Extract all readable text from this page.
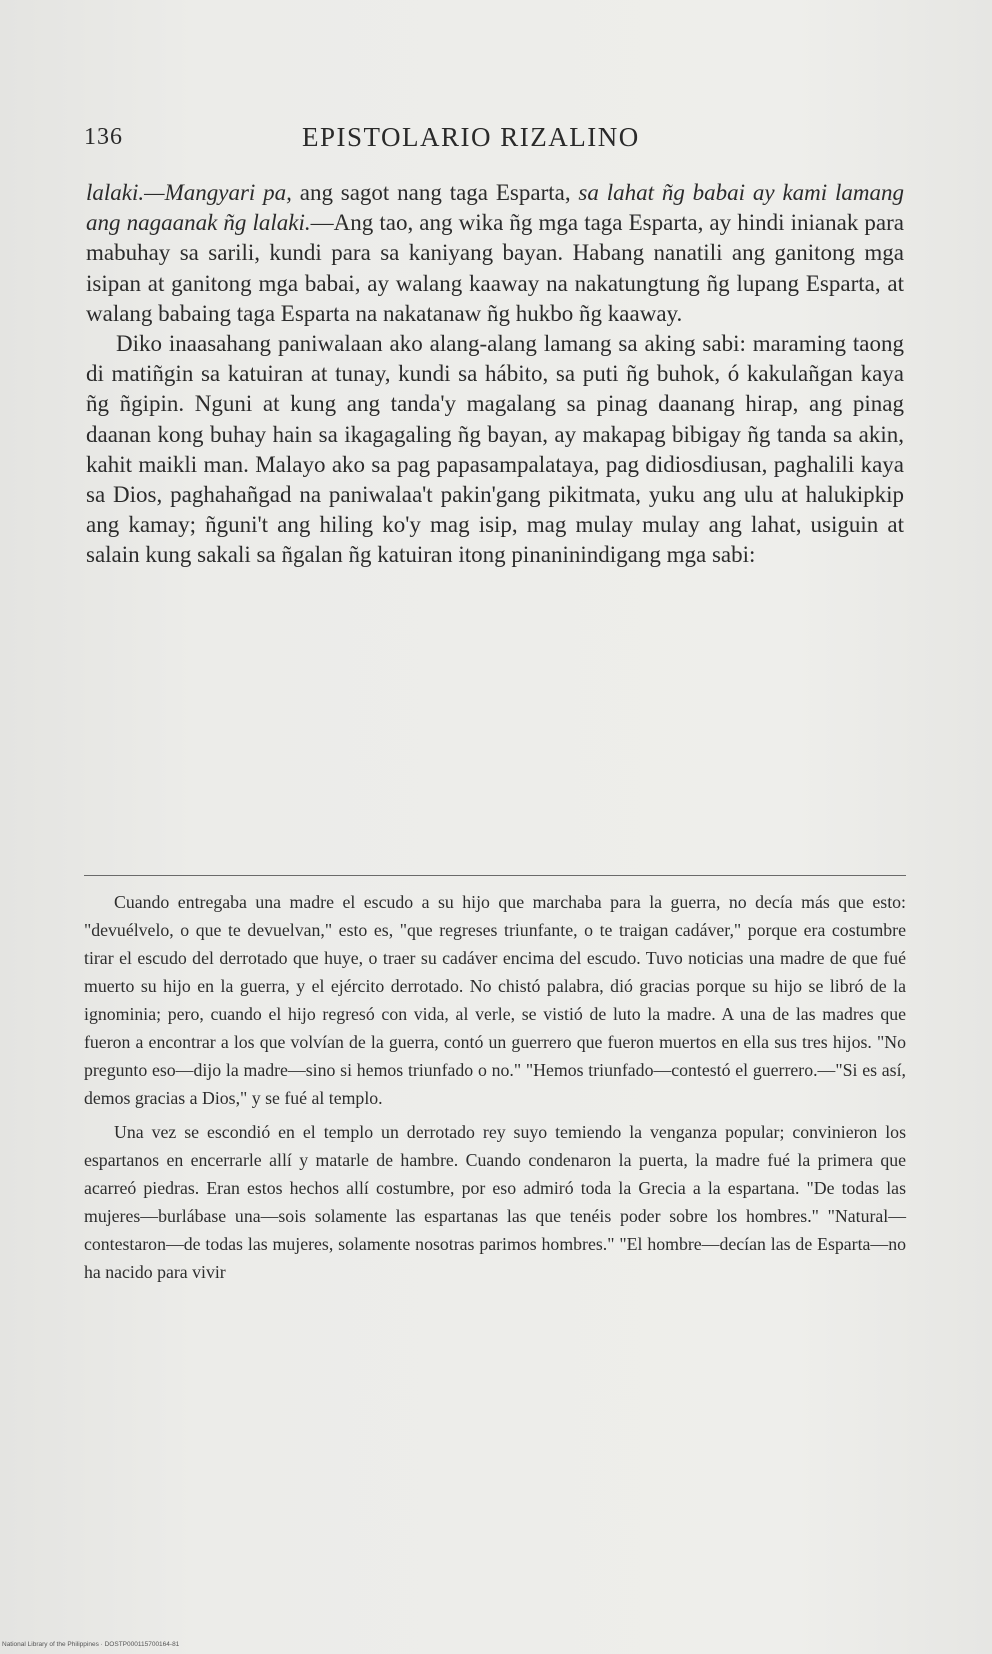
136	EPISTOLARIO RIZALINO

lalaki.—Mangyari pa, ang sagot nang taga Esparta, sa lahat ñg babai ay kami lamang ang nagaanak ñg lalaki.—Ang tao, ang wika ñg mga taga Esparta, ay hindi inianak para mabuhay sa sarili, kundi para sa kaniyang bayan. Habang nanatili ang ganitong mga isipan at ganitong mga babai, ay walang kaaway na nakatungtung ñg lupang Esparta, at walang babaing taga Esparta na nakatanaw ñg hukbo ñg kaaway.

Diko inaasahang paniwalaan ako alang-alang lamang sa aking sabi: maraming taong di matiñgin sa katuiran at tunay, kundi sa hábito, sa puti ñg buhok, ó kakulañgan kaya ñg ñgipin. Nguni at kung ang tanda'y magalang sa pinag daanang hirap, ang pinag daanan kong buhay hain sa ikagagaling ñg bayan, ay makapag bibigay ñg tanda sa akin, kahit maikli man. Malayo ako sa pag papasampalataya, pag didiosdiusan, paghalili kaya sa Dios, paghahañgad na paniwalaa't pakin'gang pikitmata, yuku ang ulu at halukipkip ang kamay; ñguni't ang hiling ko'y mag isip, mag mulay mulay ang lahat, usiguin at salain kung sakali sa ñgalan ñg katuiran itong pinaninindigang mga sabi:

Cuando entregaba una madre el escudo a su hijo que marchaba para la guerra, no decía más que esto: "devuélvelo, o que te devuelvan," esto es, "que regreses triunfante, o te traigan cadáver," porque era costumbre tirar el escudo del derrotado que huye, o traer su cadáver encima del escudo. Tuvo noticias una madre de que fué muerto su hijo en la guerra, y el ejército derrotado. No chistó palabra, dió gracias porque su hijo se libró de la ignominia; pero, cuando el hijo regresó con vida, al verle, se vistió de luto la madre. A una de las madres que fueron a encontrar a los que volvían de la guerra, contó un guerrero que fueron muertos en ella sus tres hijos. "No pregunto eso—dijo la madre—sino si hemos triunfado o no." "Hemos triunfado—contestó el guerrero.—"Si es así, demos gracias a Dios," y se fué al templo.

Una vez se escondió en el templo un derrotado rey suyo temiendo la venganza popular; convinieron los espartanos en encerrarle allí y matarle de hambre. Cuando condenaron la puerta, la madre fué la primera que acarreó piedras. Eran estos hechos allí costumbre, por eso admiró toda la Grecia a la espartana. "De todas las mujeres—burlábase una—sois solamente las espartanas las que tenéis poder sobre los hombres." "Natural—contestaron—de todas las mujeres, solamente nosotras parimos hombres." "El hombre—decían las de Esparta—no ha nacido para vivir

National Library of the Philippines · DOSTP000115700164-81
